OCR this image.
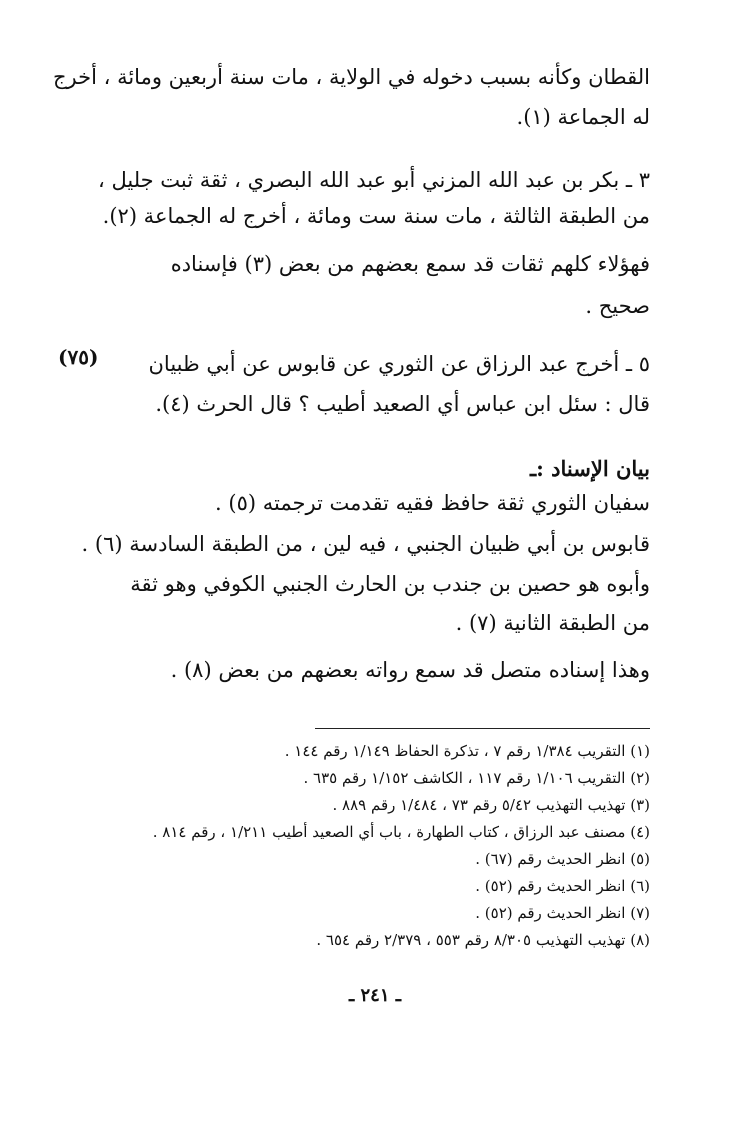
القطان وكأنه بسبب دخوله في الولاية ، مات سنة أربعين ومائة ، أخرج
له الجماعة (١).
٣ ـ بكر بن عبد الله المزني أبو عبد الله البصري ، ثقة ثبت جليل ،
من الطبقة الثالثة ، مات سنة ست ومائة ، أخرج له الجماعة (٢).
فهؤلاء كلهم ثقات قد سمع بعضهم من بعض (٣) فإسناده
صحيح .
(٧٥) ٥ ـ أخرج عبد الرزاق عن الثوري عن قابوس عن أبي ظبيان
قال : سئل ابن عباس أي الصعيد أطيب ؟ قال الحرث (٤).
بيان الإسناد :ـ
سفيان الثوري ثقة حافظ فقيه تقدمت ترجمته (٥) .
قابوس بن أبي ظبيان الجنبي ، فيه لين ، من الطبقة السادسة (٦) .
وأبوه هو حصين بن جندب بن الحارث الجنبي الكوفي وهو ثقة
من الطبقة الثانية (٧) .
وهذا إسناده متصل قد سمع رواته بعضهم من بعض (٨) .
(١) التقريب ١/٣٨٤ رقم ٧ ، تذكرة الحفاظ ١/١٤٩ رقم ١٤٤ .
(٢) التقريب ١/١٠٦ رقم ١١٧ ، الكاشف ١/١٥٢ رقم ٦٣٥ .
(٣) تهذيب التهذيب ٥/٤٢ رقم ٧٣ ، ١/٤٨٤ رقم ٨٨٩ .
(٤) مصنف عبد الرزاق ، كتاب الطهارة ، باب أي الصعيد أطيب ١/٢١١ ، رقم ٨١٤ .
(٥) انظر الحديث رقم (٦٧) .
(٦) انظر الحديث رقم (٥٢) .
(٧) انظر الحديث رقم (٥٢) .
(٨) تهذيب التهذيب ٨/٣٠٥ رقم ٥٥٣ ، ٢/٣٧٩ رقم ٦٥٤ .
ـ ٢٤١ ـ
